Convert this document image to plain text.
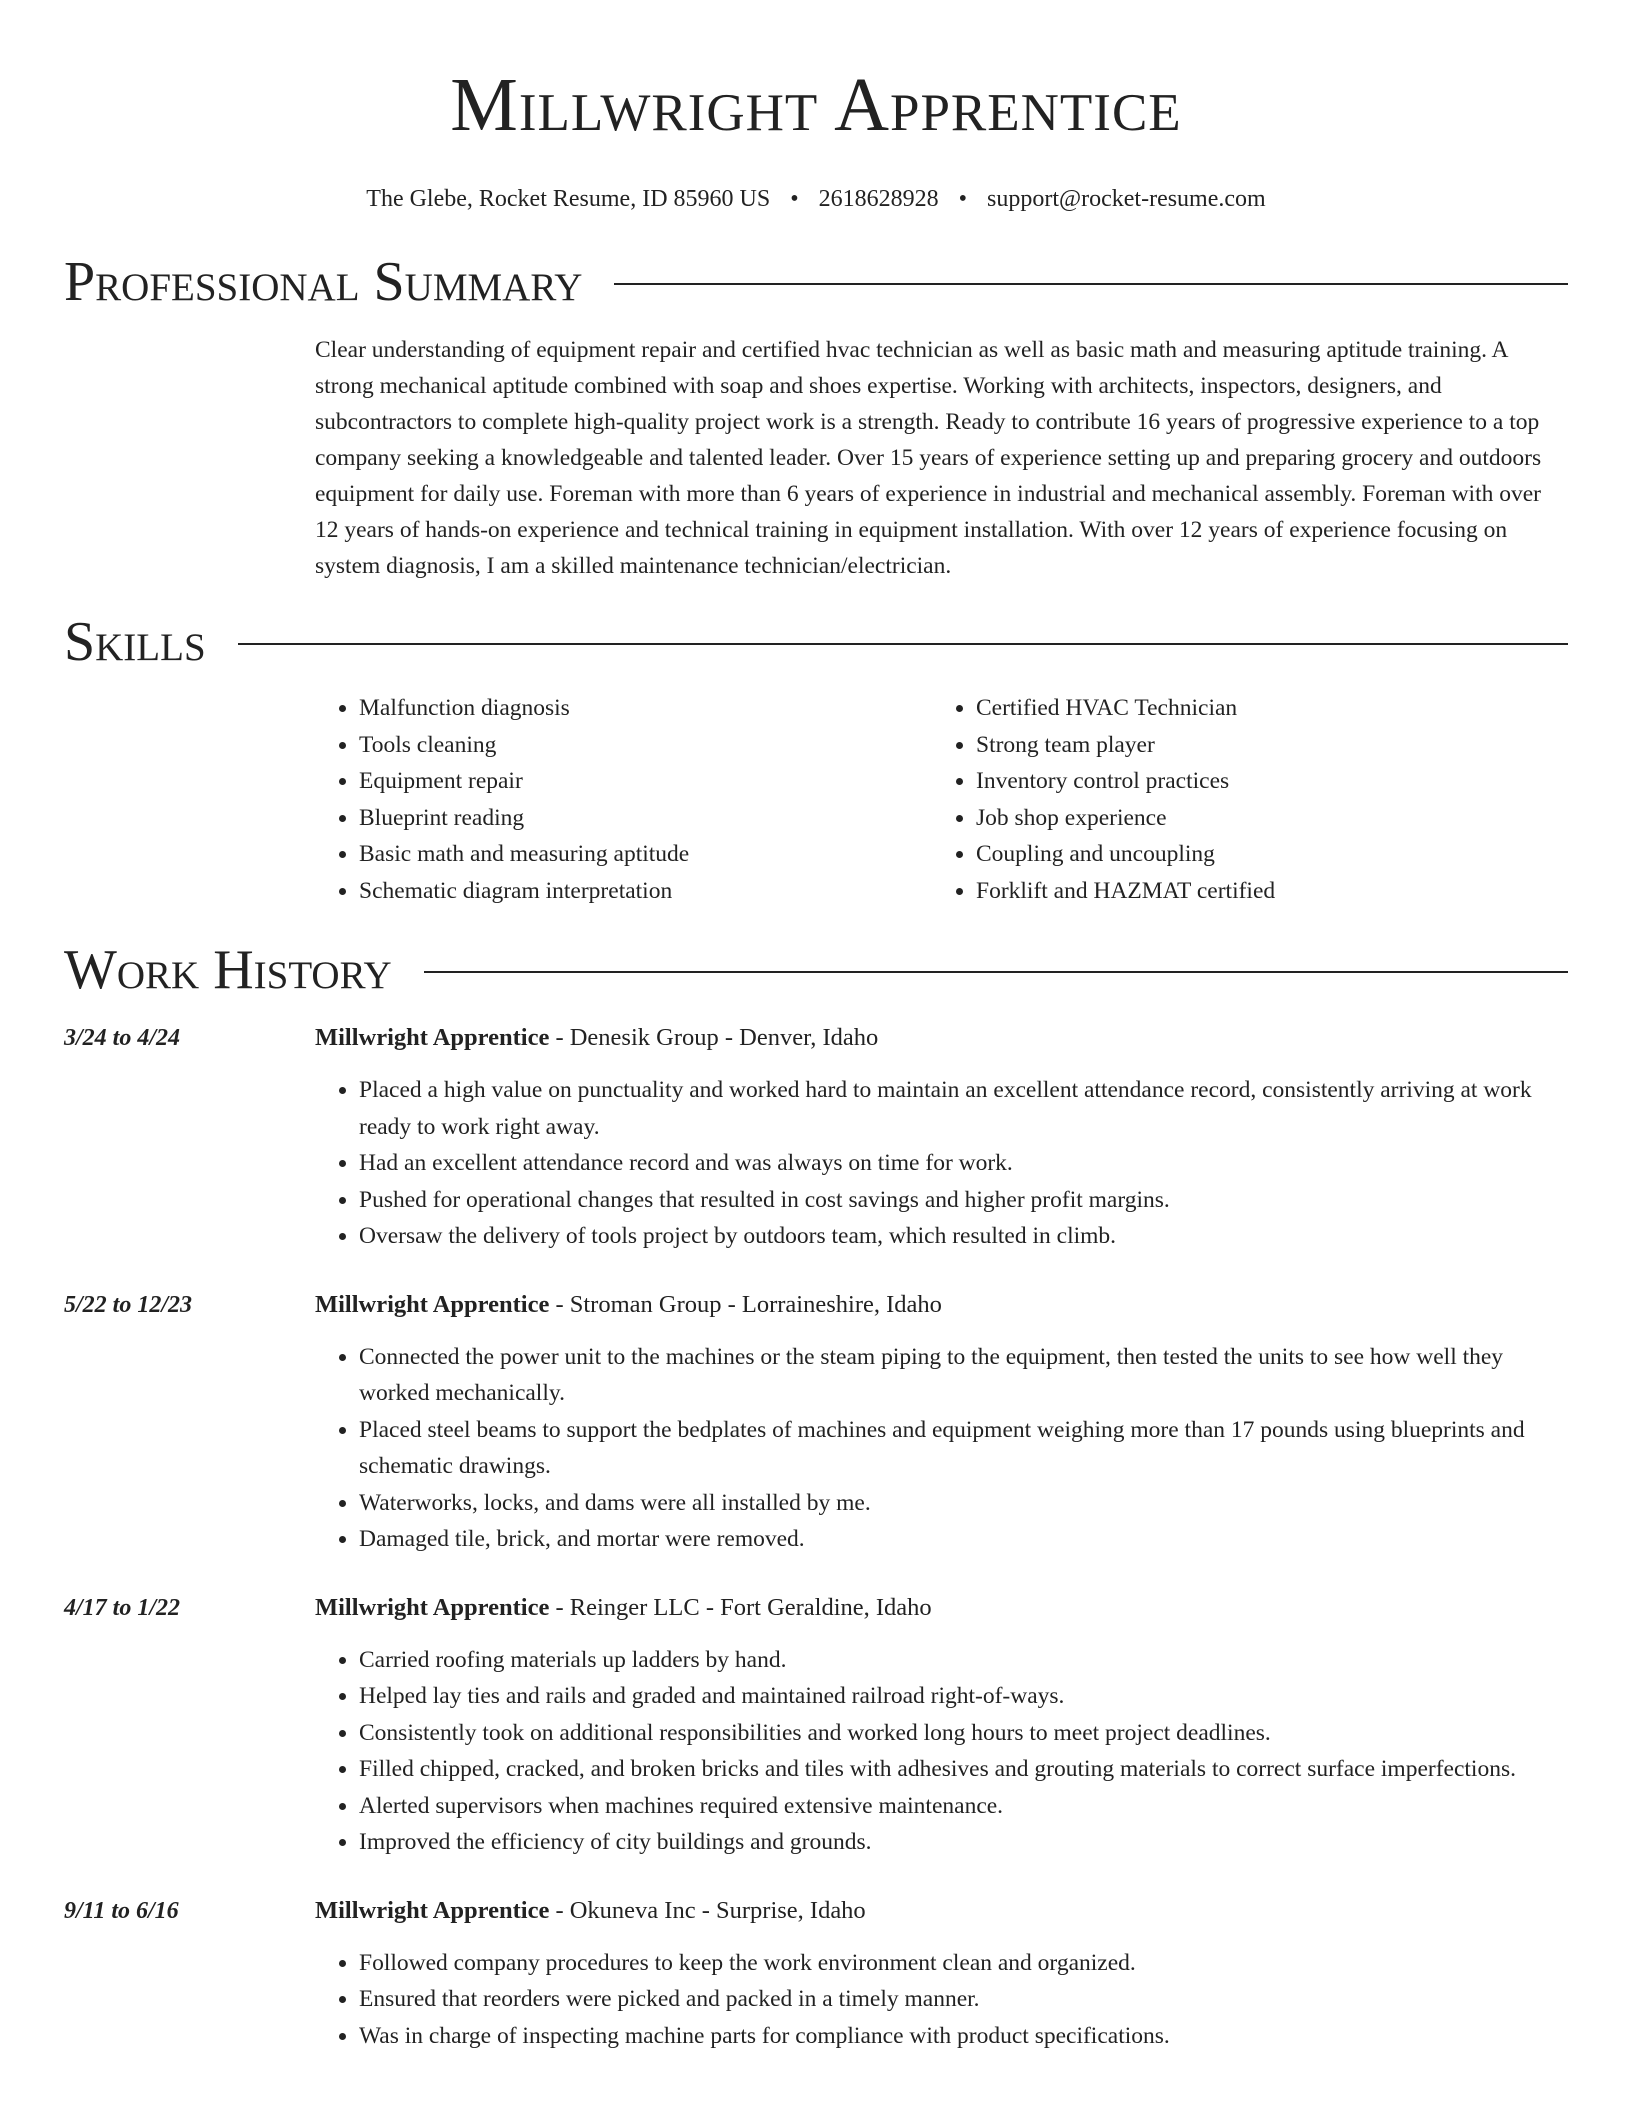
Millwright Apprentice
The Glebe, Rocket Resume, ID 85960 US • 2618628928 • support@rocket-resume.com
Professional Summary

Clear understanding of equipment repair and certified hvac technician as well as basic math and measuring aptitude training. A strong mechanical aptitude combined with soap and shoes expertise. Working with architects, inspectors, designers, and subcontractors to complete high-quality project work is a strength. Ready to contribute 16 years of progressive experience to a top company seeking a knowledgeable and talented leader. Over 15 years of experience setting up and preparing grocery and outdoors equipment for daily use. Foreman with more than 6 years of experience in industrial and mechanical assembly. Foreman with over 12 years of hands-on experience and technical training in equipment installation. With over 12 years of experience focusing on system diagnosis, I am a skilled maintenance technician/electrician.

Skills
• Malfunction diagnosis
• Tools cleaning
• Equipment repair
• Blueprint reading
• Basic math and measuring aptitude
• Schematic diagram interpretation
• Certified HVAC Technician
• Strong team player
• Inventory control practices
• Job shop experience
• Coupling and uncoupling
• Forklift and HAZMAT certified
Work History
3/24 to 4/24	Millwright Apprentice - Denesik Group - Denver, Idaho
• Placed a high value on punctuality and worked hard to maintain an excellent attendance record, consistently arriving at work ready to work right away.
• Had an excellent attendance record and was always on time for work.
• Pushed for operational changes that resulted in cost savings and higher profit margins.
• Oversaw the delivery of tools project by outdoors team, which resulted in climb.
5/22 to 12/23	Millwright Apprentice - Stroman Group - Lorraineshire, Idaho
• Connected the power unit to the machines or the steam piping to the equipment, then tested the units to see how well they worked mechanically.
• Placed steel beams to support the bedplates of machines and equipment weighing more than 17 pounds using blueprints and schematic drawings.
• Waterworks, locks, and dams were all installed by me.
• Damaged tile, brick, and mortar were removed.
4/17 to 1/22	Millwright Apprentice - Reinger LLC - Fort Geraldine, Idaho
• Carried roofing materials up ladders by hand.
• Helped lay ties and rails and graded and maintained railroad right-of-ways.
• Consistently took on additional responsibilities and worked long hours to meet project deadlines.
• Filled chipped, cracked, and broken bricks and tiles with adhesives and grouting materials to correct surface imperfections.
• Alerted supervisors when machines required extensive maintenance.
• Improved the efficiency of city buildings and grounds.
9/11 to 6/16	Millwright Apprentice - Okuneva Inc - Surprise, Idaho
• Followed company procedures to keep the work environment clean and organized.
• Ensured that reorders were picked and packed in a timely manner.
• Was in charge of inspecting machine parts for compliance with product specifications.
